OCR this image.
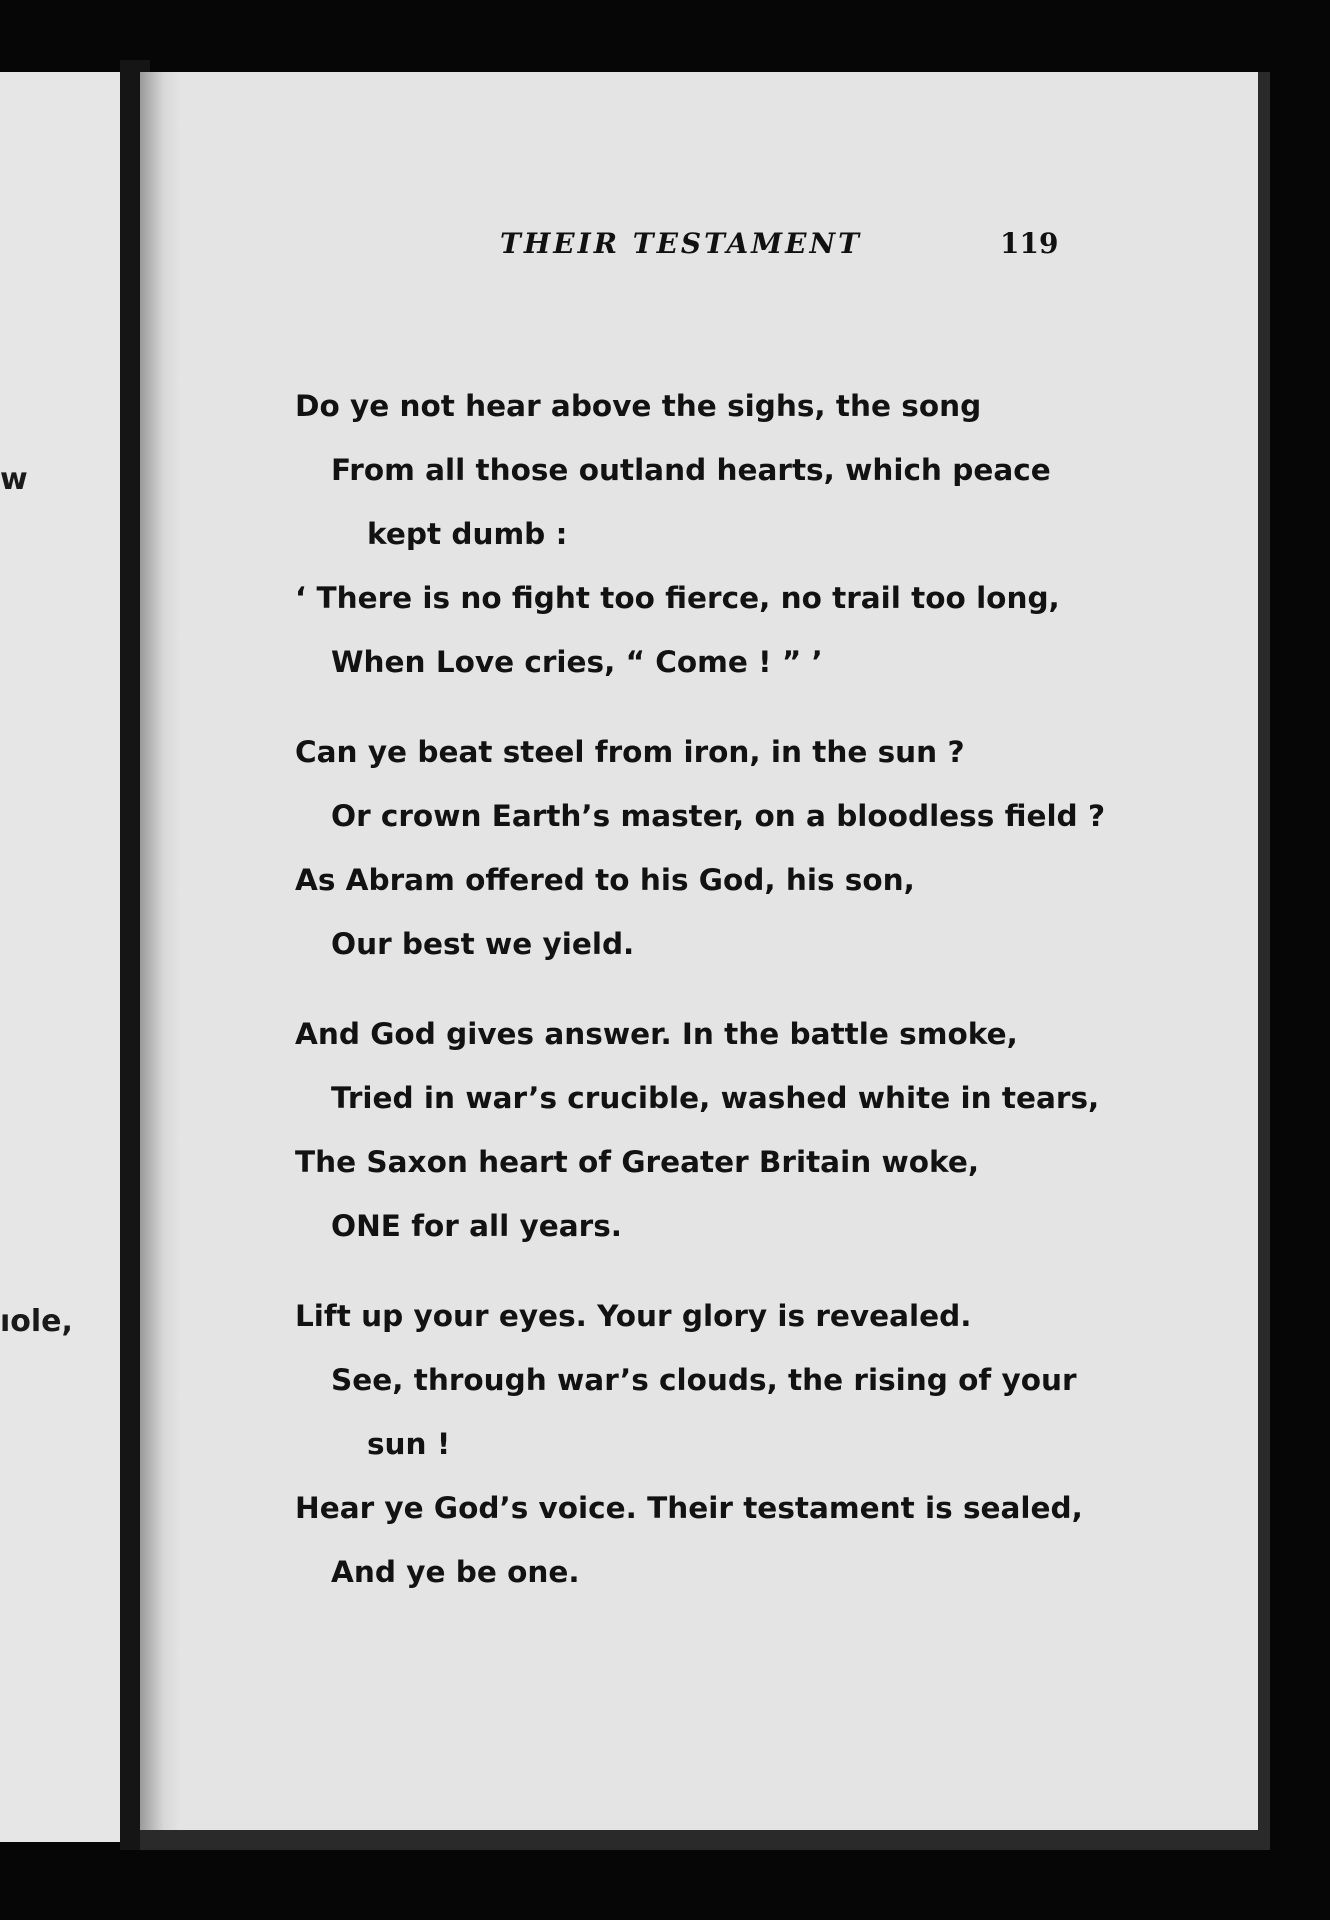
w
ıole,
THEIR TESTAMENT	119
Do ye not hear above the sighs, the song
From all those outland hearts, which peace
kept dumb :
‘ There is no fight too fierce, no trail too long,
When Love cries, “ Come ! ” ’
Can ye beat steel from iron, in the sun ?
Or crown Earth’s master, on a bloodless field ?
As Abram offered to his God, his son,
Our best we yield.
And God gives answer. In the battle smoke,
Tried in war’s crucible, washed white in tears,
The Saxon heart of Greater Britain woke,
ONE for all years.
Lift up your eyes. Your glory is revealed.
See, through war’s clouds, the rising of your
sun !
Hear ye God’s voice. Their testament is sealed,
And ye be one.
